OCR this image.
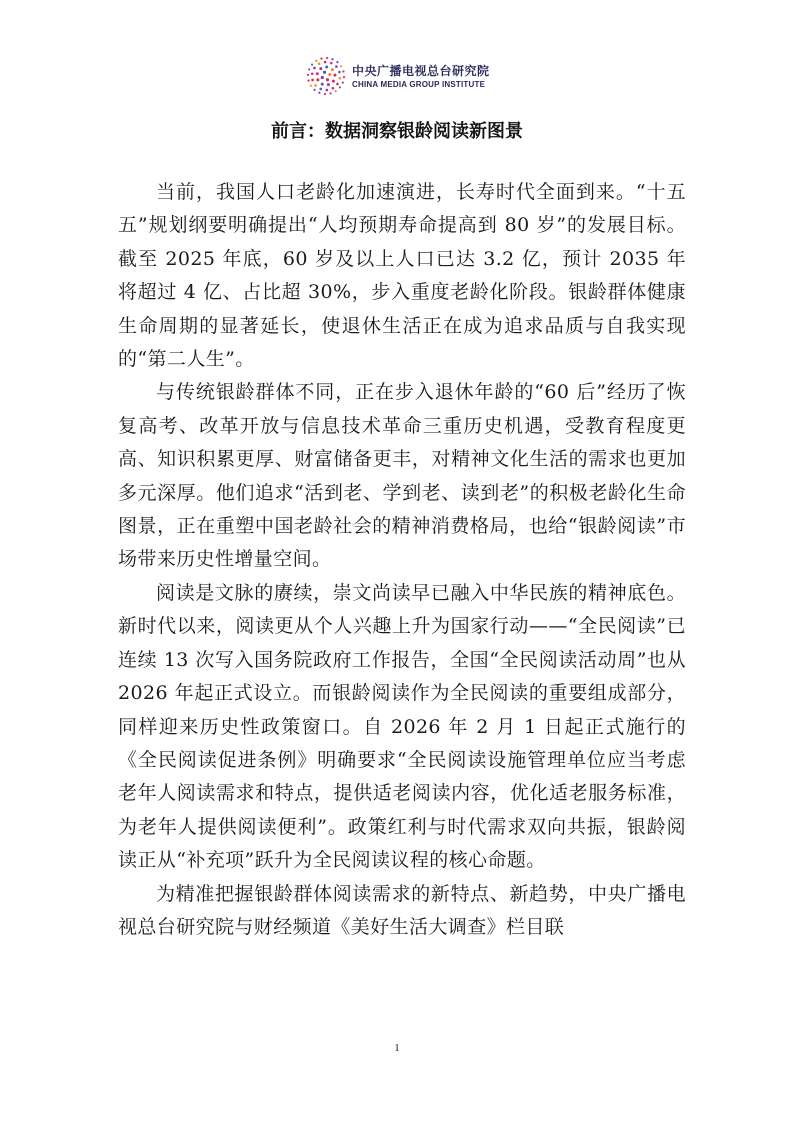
中央广播电视总台研究院
CHINA MEDIA GROUP INSTITUTE
前言：数据洞察银龄阅读新图景

当前，我国人口老龄化加速演进，长寿时代全面到来。“十五五”规划纲要明确提出“人均预期寿命提高到 80 岁”的发展目标。截至 2025 年底，60 岁及以上人口已达 3.2 亿，预计 2035 年将超过 4 亿、占比超 30%，步入重度老龄化阶段。银龄群体健康生命周期的显著延长，使退休生活正在成为追求品质与自我实现的“第二人生”。

与传统银龄群体不同，正在步入退休年龄的“60 后”经历了恢复高考、改革开放与信息技术革命三重历史机遇，受教育程度更高、知识积累更厚、财富储备更丰，对精神文化生活的需求也更加多元深厚。他们追求“活到老、学到老、读到老”的积极老龄化生命图景，正在重塑中国老龄社会的精神消费格局，也给“银龄阅读”市场带来历史性增量空间。

阅读是文脉的赓续，崇文尚读早已融入中华民族的精神底色。新时代以来，阅读更从个人兴趣上升为国家行动——“全民阅读”已连续 13 次写入国务院政府工作报告，全国“全民阅读活动周”也从 2026 年起正式设立。而银龄阅读作为全民阅读的重要组成部分，同样迎来历史性政策窗口。自 2026 年 2 月 1 日起正式施行的《全民阅读促进条例》明确要求“全民阅读设施管理单位应当考虑老年人阅读需求和特点，提供适老阅读内容，优化适老服务标准，为老年人提供阅读便利”。政策红利与时代需求双向共振，银龄阅读正从“补充项”跃升为全民阅读议程的核心命题。

为精准把握银龄群体阅读需求的新特点、新趋势，中央广播电视总台研究院与财经频道《美好生活大调查》栏目联

1
